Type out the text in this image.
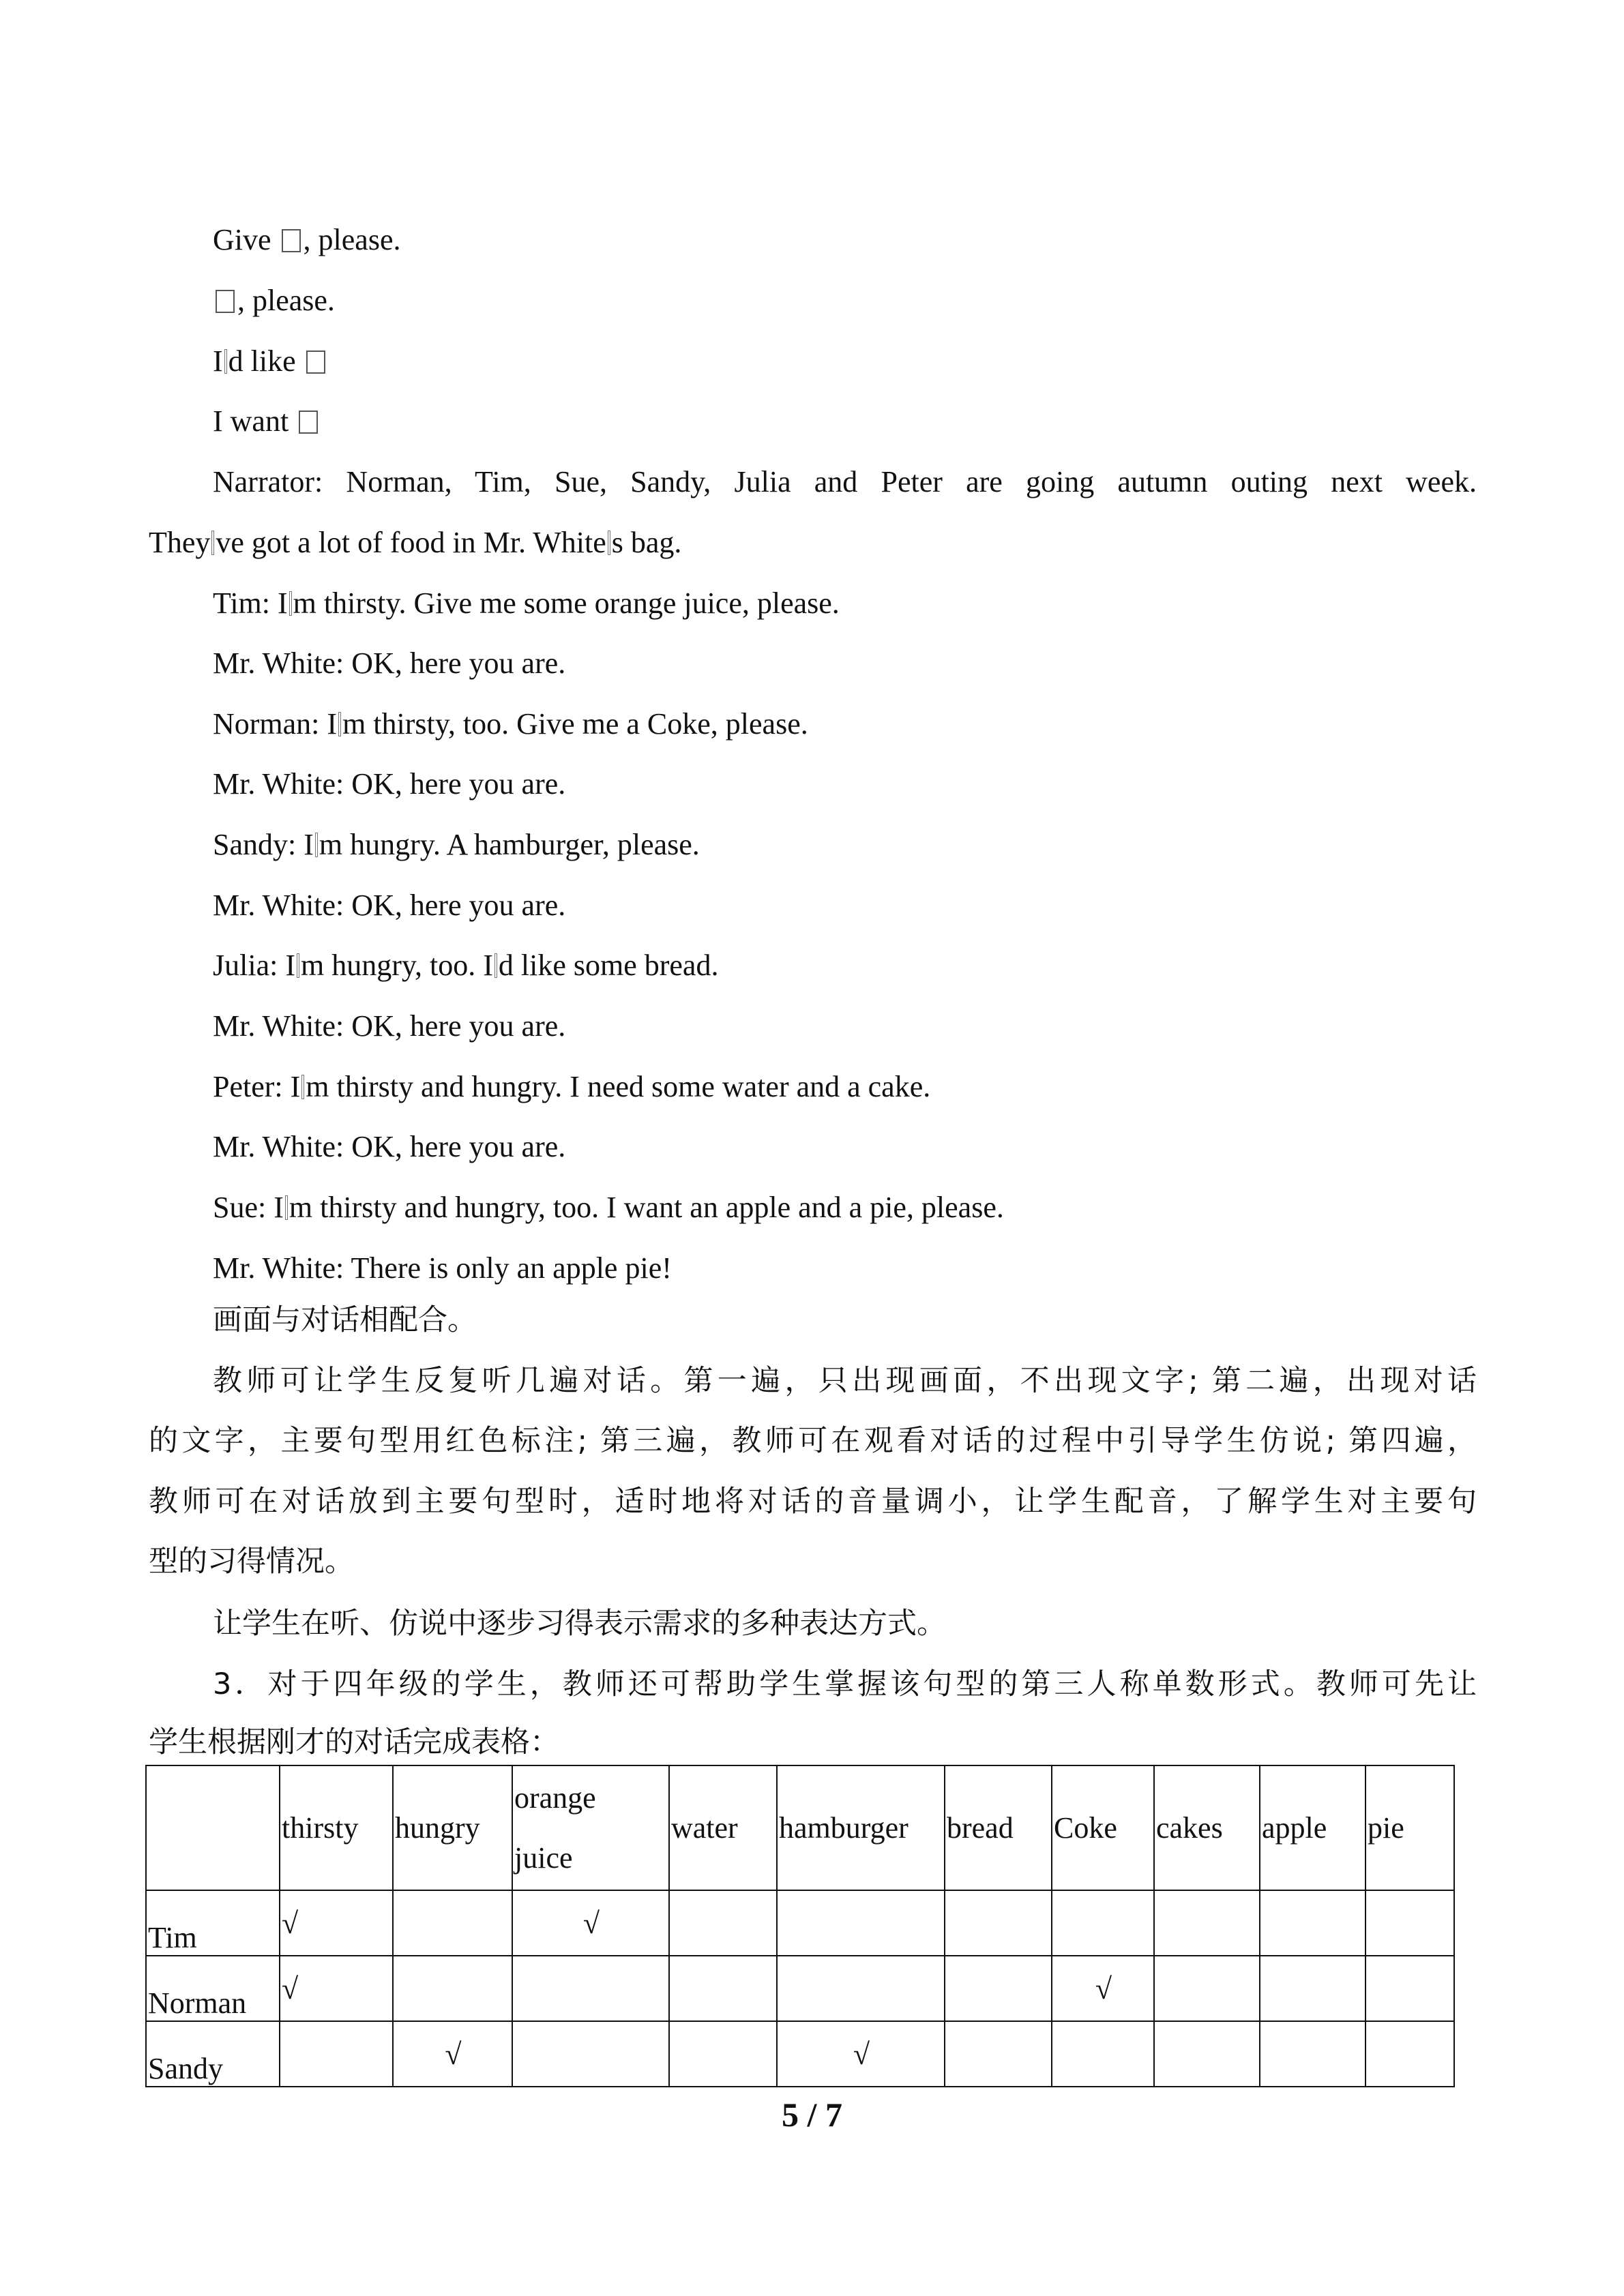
Give , please.
, please.
I d like
I want
Narrator: Norman, Tim, Sue, Sandy, Julia and Peter are going autumn outing next week.
They ve got a lot of food in Mr. White s bag.
Tim: I m thirsty. Give me some orange juice, please.
Mr. White: OK, here you are.
Norman: I m thirsty, too. Give me a Coke, please.
Mr. White: OK, here you are.
Sandy: I m hungry. A hamburger, please.
Mr. White: OK, here you are.
Julia: I m hungry, too. I d like some bread.
Mr. White: OK, here you are.
Peter: I m thirsty and hungry. I need some water and a cake.
Mr. White: OK, here you are.
Sue: I m thirsty and hungry, too. I want an apple and a pie, please.
Mr. White: There is only an apple pie!
画面与对话相配合。
教师可让学生反复听几遍对话。第一遍，只出现画面，不出现文字; 第二遍，出现对话
的文字，主要句型用红色标注; 第三遍，教师可在观看对话的过程中引导学生仿说; 第四遍，
教师可在对话放到主要句型时，适时地将对话的音量调小，让学生配音，了解学生对主要句
型的习得情况。
让学生在听、仿说中逐步习得表示需求的多种表达方式。
3．对于四年级的学生，教师还可帮助学生掌握该句型的第三人称单数形式。教师可先让
学生根据刚才的对话完成表格：
	thirsty	hungry	orange
juice	water	hamburger	bread	Coke	cakes	apple	pie
Tim	√		√							

Norman	√						√			

Sandy		√			√					

5 / 7
